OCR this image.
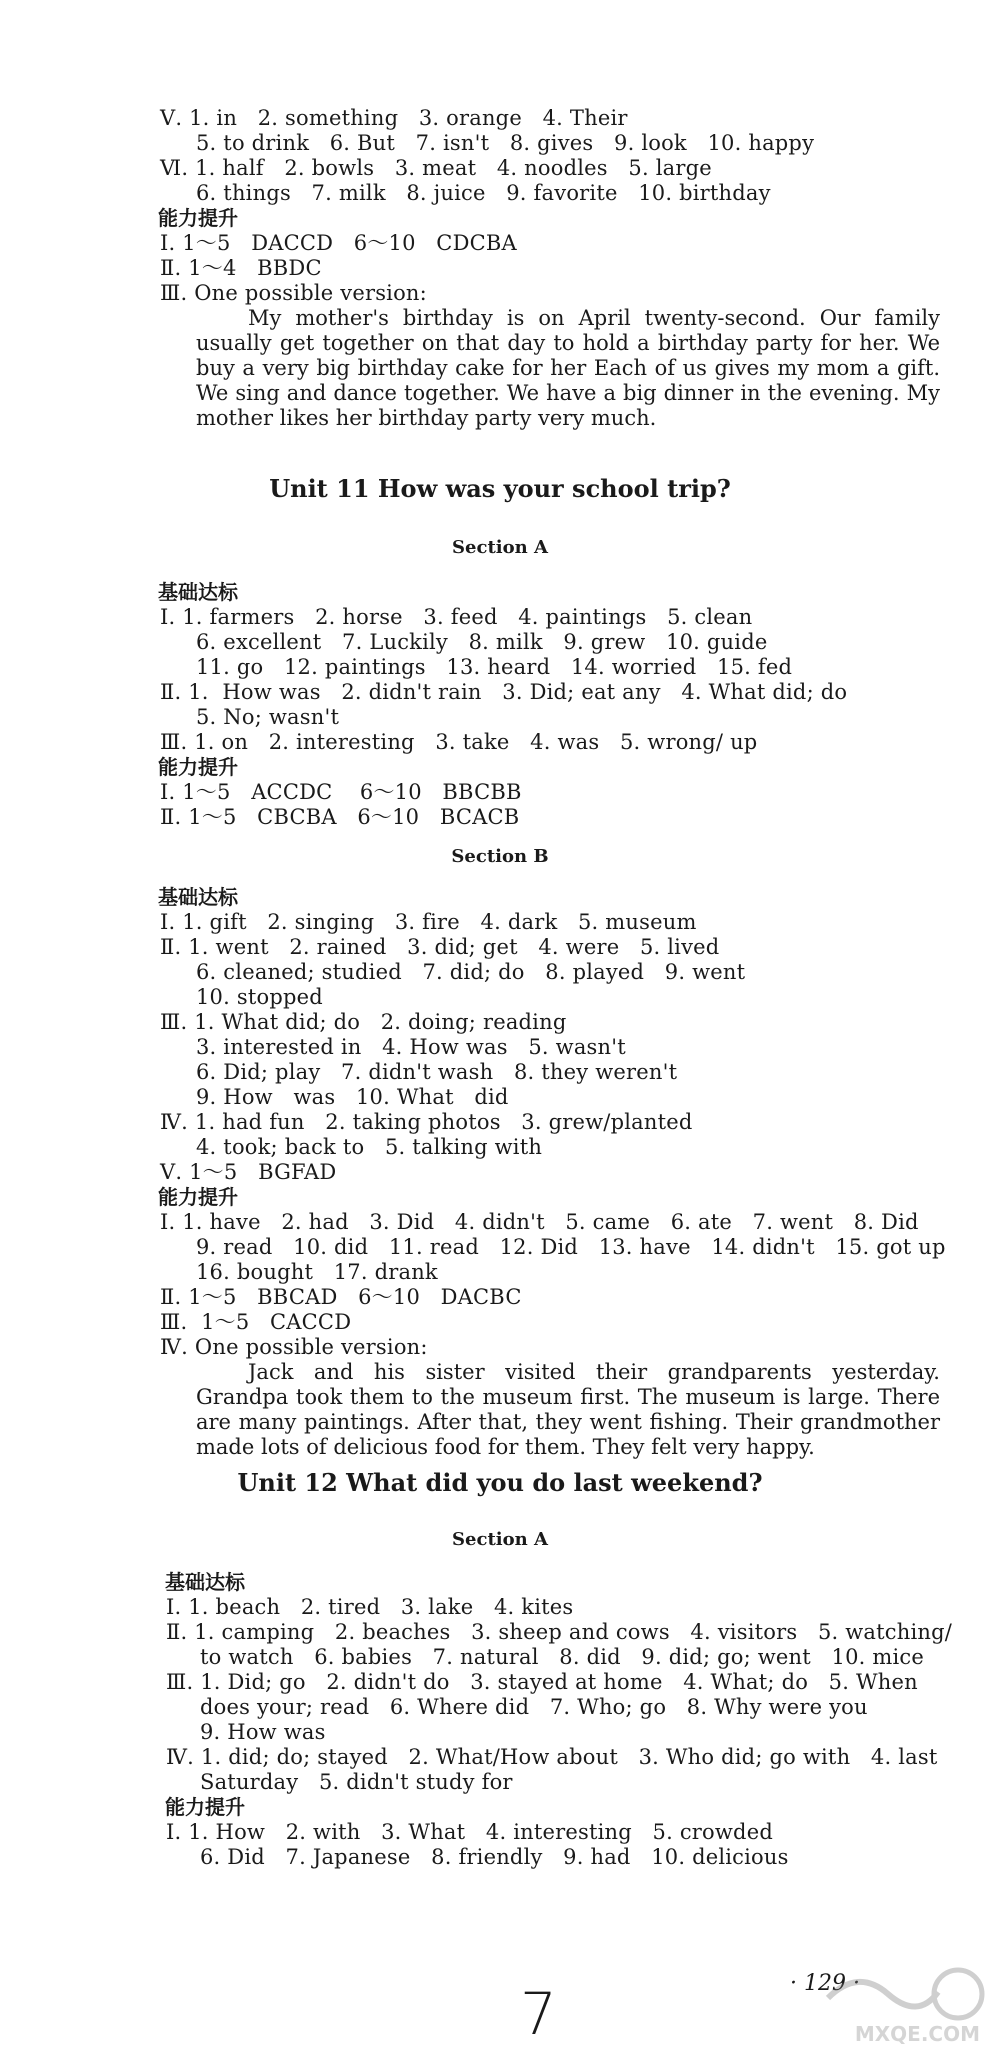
Ⅴ. 1. in   2. something   3. orange   4. Their
5. to drink   6. But   7. isn't   8. gives   9. look   10. happy
Ⅵ. 1. half   2. bowls   3. meat   4. noodles   5. large
6. things   7. milk   8. juice   9. favorite   10. birthday
能力提升
Ⅰ. 1～5   DACCD   6～10   CDCBA
Ⅱ. 1～4   BBDC
Ⅲ. One possible version:
My mother's birthday is on April twenty-second. Our family usually get together on that day to hold a birthday party for her. We buy a very big birthday cake for her Each of us gives my mom a gift. We sing and dance together. We have a big dinner in the evening. My mother likes her birthday party very much.
Unit 11 How was your school trip?
Section A
基础达标
Ⅰ. 1. farmers   2. horse   3. feed   4. paintings   5. clean
6. excellent   7. Luckily   8. milk   9. grew   10. guide
11. go   12. paintings   13. heard   14. worried   15. fed
Ⅱ. 1.  How was   2. didn't rain   3. Did; eat any   4. What did; do
5. No; wasn't
Ⅲ. 1. on   2. interesting   3. take   4. was   5. wrong/ up
能力提升
Ⅰ. 1～5   ACCDC    6～10   BBCBB
Ⅱ. 1～5   CBCBA   6～10   BCACB
Section B
基础达标
Ⅰ. 1. gift   2. singing   3. fire   4. dark   5. museum
Ⅱ. 1. went   2. rained   3. did; get   4. were   5. lived
6. cleaned; studied   7. did; do   8. played   9. went
10. stopped
Ⅲ. 1. What did; do   2. doing; reading
3. interested in   4. How was   5. wasn't
6. Did; play   7. didn't wash   8. they weren't
9. How   was   10. What   did
Ⅳ. 1. had fun   2. taking photos   3. grew/planted
4. took; back to   5. talking with
Ⅴ. 1～5   BGFAD
能力提升
Ⅰ. 1. have   2. had   3. Did   4. didn't   5. came   6. ate   7. went   8. Did
9. read   10. did   11. read   12. Did   13. have   14. didn't   15. got up
16. bought   17. drank
Ⅱ. 1～5   BBCAD   6～10   DACBC
Ⅲ.  1～5   CACCD
Ⅳ. One possible version:
Jack and his sister visited their grandparents yesterday. Grandpa took them to the museum first. The museum is large. There are many paintings. After that, they went fishing. Their grandmother made lots of delicious food for them. They felt very happy.
Unit 12 What did you do last weekend?
Section A
基础达标
Ⅰ. 1. beach   2. tired   3. lake   4. kites
Ⅱ. 1. camping   2. beaches   3. sheep and cows   4. visitors   5. watching/
to watch   6. babies   7. natural   8. did   9. did; go; went   10. mice
Ⅲ. 1. Did; go   2. didn't do   3. stayed at home   4. What; do   5. When
does your; read   6. Where did   7. Who; go   8. Why were you
9. How was
Ⅳ. 1. did; do; stayed   2. What/How about   3. Who did; go with   4. last
Saturday   5. didn't study for
能力提升
Ⅰ. 1. How   2. with   3. What   4. interesting   5. crowded
6. Did   7. Japanese   8. friendly   9. had   10. delicious
7	· 129 ·
MXQE.COM
